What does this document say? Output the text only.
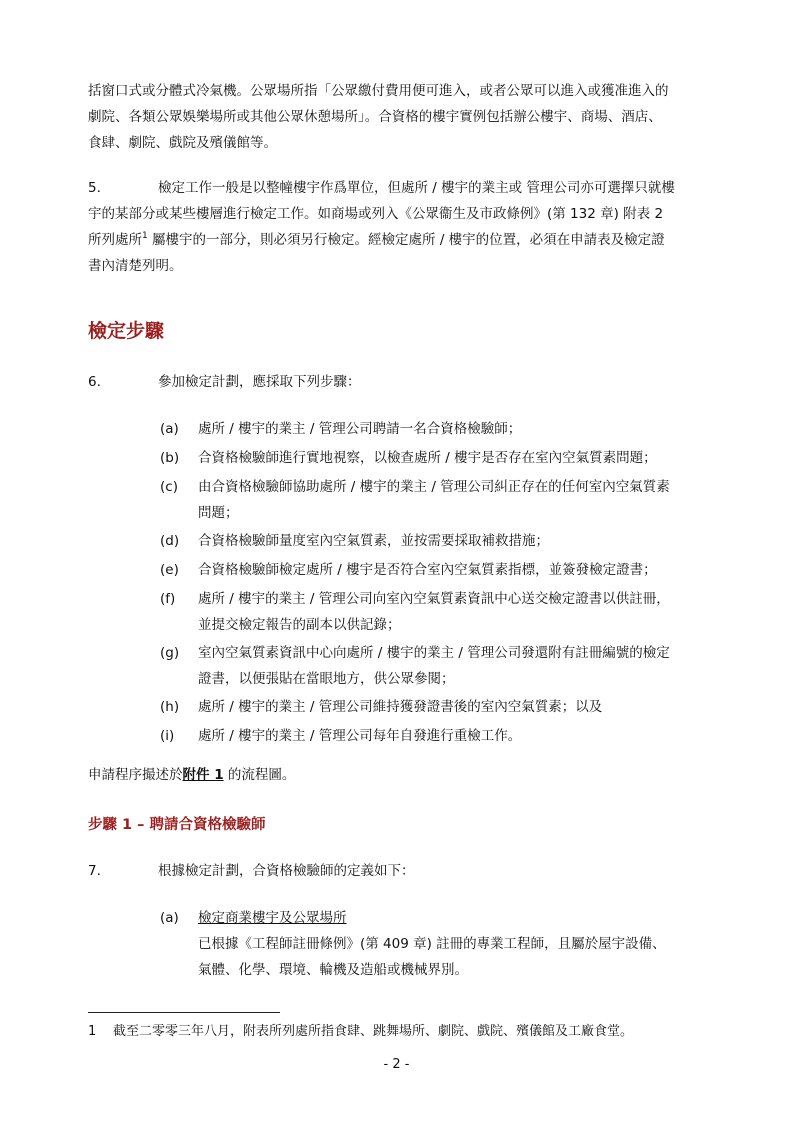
括窗口式或分體式冷氣機。公眾場所指「公眾繳付費用便可進入，或者公眾可以進入或獲准進入的
劇院、各類公眾娛樂場所或其他公眾休憩場所」。合資格的樓宇實例包括辦公樓宇、商場、酒店、
食肆、劇院、戲院及殯儀館等。
5.	檢定工作一般是以整幢樓宇作爲單位，但處所 / 樓宇的業主或 管理公司亦可選擇只就樓
宇的某部分或某些樓層進行檢定工作。如商場或列入《公眾衞生及市政條例》(第 132 章) 附表 2
所列處所$^1$ 屬樓宇的一部分，則必須另行檢定。經檢定處所 / 樓宇的位置，必須在申請表及檢定證
書內清楚列明。
檢定步驟
6.	參加檢定計劃，應採取下列步驟：
(a) 處所 / 樓宇的業主 / 管理公司聘請一名合資格檢驗師；
(b) 合資格檢驗師進行實地視察，以檢查處所 / 樓宇是否存在室內空氣質素問題；
(c) 由合資格檢驗師協助處所 / 樓宇的業主 / 管理公司糾正存在的任何室內空氣質素
問題；
(d) 合資格檢驗師量度室內空氣質素，並按需要採取補救措施；
(e) 合資格檢驗師檢定處所 / 樓宇是否符合室內空氣質素指標，並簽發檢定證書；
(f) 處所 / 樓宇的業主 / 管理公司向室內空氣質素資訊中心送交檢定證書以供註冊，
並提交檢定報告的副本以供記錄；
(g) 室內空氣質素資訊中心向處所 / 樓宇的業主 / 管理公司發還附有註冊編號的檢定
證書，以便張貼在當眼地方，供公眾參閱；
(h) 處所 / 樓宇的業主 / 管理公司維持獲發證書後的室內空氣質素；以及
(i) 處所 / 樓宇的業主 / 管理公司每年自發進行重檢工作。
申請程序撮述於附件 1 的流程圖。
步驟 1 – 聘請合資格檢驗師
7.	根據檢定計劃，合資格檢驗師的定義如下：
(a) 檢定商業樓宇及公眾場所
已根據《工程師註冊條例》(第 409 章) 註冊的專業工程師，且屬於屋宇設備、
氣體、化學、環境、輪機及造船或機械界別。
1 截至二零零三年八月，附表所列處所指食肆、跳舞場所、劇院、戲院、殯儀館及工廠食堂。
- 2 -
